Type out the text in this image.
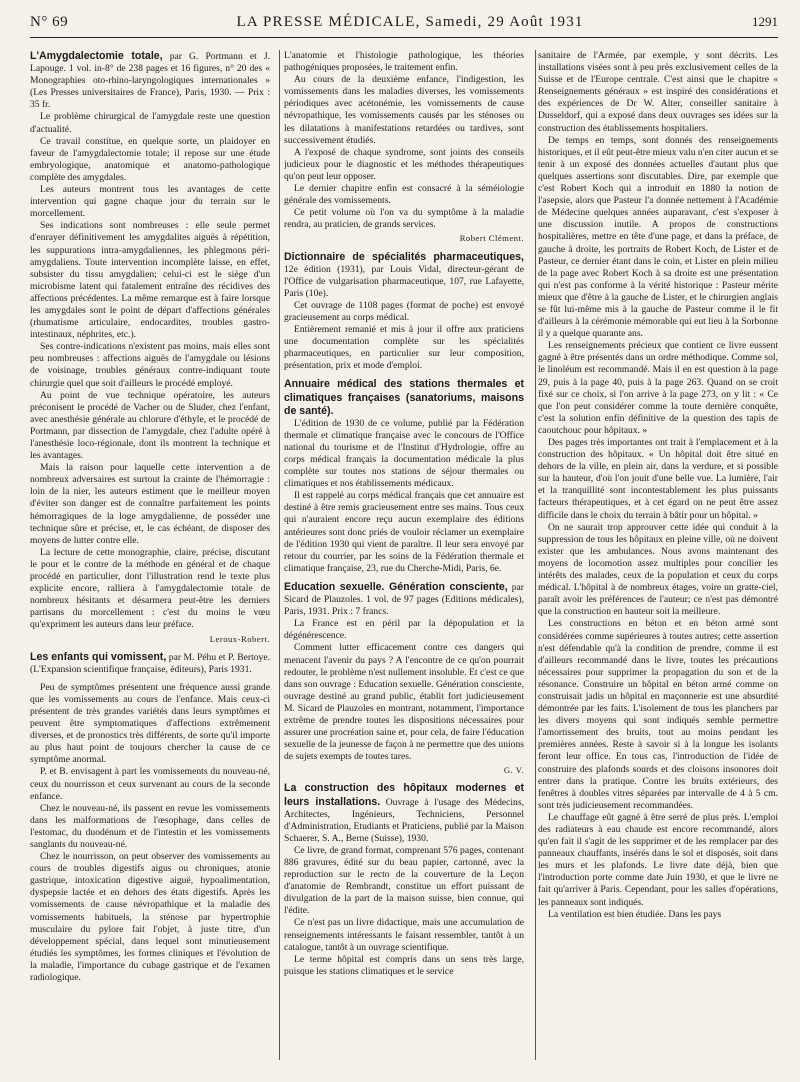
N° 69	LA PRESSE MÉDICALE, Samedi, 29 Août 1931	1291

L'Amygdalectomie totale, par G. Portmann et J. Lapouge. 1 vol. in-8° de 238 pages et 16 figures, n° 20 des « Monographies oto-rhino-laryngologiques internationales » (Les Presses universitaires de France), Paris, 1930. — Prix : 35 fr.

Le problème chirurgical de l'amygdale reste une question d'actualité.

Ce travail constitue, en quelque sorte, un plaidoyer en faveur de l'amygdalectomie totale; il repose sur une étude embryologique, anatomique et anatomo-pathologique complète des amygdales.

Les auteurs montrent tous les avantages de cette intervention qui gagne chaque jour du terrain sur le morcellement.

Ses indications sont nombreuses : elle seule permet d'enrayer définitivement les amygdalites aiguës à répétition, les suppurations intra-amygdaliennes, les phlegmons péri-amygdaliens. Toute intervention incomplète laisse, en effet, subsister du tissu amygdalien; celui-ci est le siège d'un microbisme latent qui fatalement entraîne des récidives des affections précédentes. La même remarque est à faire lorsque les amygdales sont le point de départ d'affections générales (rhumatisme articulaire, endocardites, troubles gastro-intestinaux, néphrites, etc.).

Ses contre-indications n'existent pas moins, mais elles sont peu nombreuses : affections aiguës de l'amygdale ou lésions de voisinage, troubles généraux contre-indiquant toute chirurgie quel que soit d'ailleurs le procédé employé.

Au point de vue technique opératoire, les auteurs préconisent le procédé de Vacher ou de Sluder, chez l'enfant, avec anesthésie générale au chlorure d'éthyle, et le procédé de Portmann, par dissection de l'amygdale, chez l'adulte opéré à l'anesthésie loco-régionale, dont ils montrent la technique et les avantages.

Mais la raison pour laquelle cette intervention a de nombreux adversaires est surtout la crainte de l'hémorragie : loin de la nier, les auteurs estiment que le meilleur moyen d'éviter son danger est de connaître parfaitement les points hémorragiques de la loge amygdalienne, de posséder une technique sûre et précise, et, le cas échéant, de disposer des moyens de lutter contre elle.

La lecture de cette monographie, claire, précise, discutant le pour et le contre de la méthode en général et de chaque procédé en particulier, dont l'illustration rend le texte plus explicite encore, ralliera à l'amygdalectomie totale de nombreux hésitants et désarmera peut-être les derniers partisans du morcellement : c'est du moins le vœu qu'expriment les auteurs dans leur préface.

Leroux-Robert.

Les enfants qui vomissent, par M. Péhu et P. Bertoye. (L'Expansion scientifique française, éditeurs), Paris 1931.

Peu de symptômes présentent une fréquence aussi grande que les vomissements au cours de l'enfance. Mais ceux-ci présentent de très grandes variétés dans leurs symptômes et peuvent être symptomatiques d'affections extrêmement diverses, et de pronostics très différents, de sorte qu'il importe au plus haut point de toujours chercher la cause de ce symptôme anormal.

P. et B. envisagent à part les vomissements du nouveau-né, ceux du nourrisson et ceux survenant au cours de la seconde enfance.

Chez le nouveau-né, ils passent en revue les vomissements dans les malformations de l'œsophage, dans celles de l'estomac, du duodénum et de l'intestin et les vomissements sanglants du nouveau-né.

Chez le nourrisson, on peut observer des vomissements au cours de troubles digestifs aigus ou chroniques, atonie gastrique, intoxication digestive aiguë, hypoalimentation, dyspepsie lactée et en dehors des états digestifs. Après les vomissements de cause névropathique et la maladie des vomissements habituels, la sténose par hypertrophie musculaire du pylore fait l'objet, à juste titre, d'un développement spécial, dans lequel sont minutieusement étudiés les symptômes, les formes cliniques et l'évolution de la maladie, l'importance du cubage gastrique et de l'examen radiologique.

L'anatomie et l'histologie pathologique, les théories pathogéniques proposées, le traitement enfin.

Au cours de la deuxième enfance, l'indigestion, les vomissements dans les maladies diverses, les vomissements périodiques avec acétonémie, les vomissements de cause névropathique, les vomissements causés par les sténoses ou les dilatations à manifestations retardées ou tardives, sont successivement étudiés.

A l'exposé de chaque syndrome, sont joints des conseils judicieux pour le diagnostic et les méthodes thérapeutiques qu'on peut leur opposer.

Le dernier chapitre enfin est consacré à la séméiologie générale des vomissements.

Ce petit volume où l'on va du symptôme à la maladie rendra, au praticien, de grands services.

Robert Clément.

Dictionnaire de spécialités pharmaceutiques, 12e édition (1931), par Louis Vidal, directeur-gérant de l'Office de vulgarisation pharmaceutique, 107, rue Lafayette, Paris (10e).

Cet ouvrage de 1108 pages (format de poche) est envoyé gracieusement au corps médical.

Entièrement remanié et mis à jour il offre aux praticiens une documentation complète sur les spécialités pharmaceutiques, en particulier sur leur composition, présentation, prix et mode d'emploi.

Annuaire médical des stations thermales et climatiques françaises (sanatoriums, maisons de santé).

L'édition de 1930 de ce volume, publié par la Fédération thermale et climatique française avec le concours de l'Office national du tourisme et de l'Institut d'Hydrologie, offre au corps médical français la documentation médicale la plus complète sur toutes nos stations de séjour thermales ou climatiques et nos établissements médicaux.

Il est rappelé au corps médical français que cet annuaire est destiné à être remis gracieusement entre ses mains. Tous ceux qui n'auraient encore reçu aucun exemplaire des éditions antérieures sont donc priés de vouloir réclamer un exemplaire de l'édition 1930 qui vient de paraître. Il leur sera envoyé par retour du courrier, par les soins de la Fédération thermale et climatique française, 23, rue du Cherche-Midi, Paris, 6e.

Education sexuelle. Génération consciente, par Sicard de Plauzoles. 1 vol. de 97 pages (Editions médicales), Paris, 1931. Prix : 7 francs.

La France est en péril par la dépopulation et la dégénérescence.

Comment lutter efficacement contre ces dangers qui menacent l'avenir du pays ? A l'encontre de ce qu'on pourrait redouter, le problème n'est nullement insoluble. Et c'est ce que dans son ouvrage : Education sexuelle. Génération consciente, ouvrage destiné au grand public, établit fort judicieusement M. Sicard de Plauzoles en montrant, notamment, l'importance extrême de prendre toutes les dispositions nécessaires pour assurer une procréation saine et, pour cela, de faire l'éducation sexuelle de la jeunesse de façon à ne permettre que des unions de sujets exempts de toutes tares.

G. V.

La construction des hôpitaux modernes et leurs installations. Ouvrage à l'usage des Médecins, Architectes, Ingénieurs, Techniciens, Personnel d'Administration, Etudiants et Praticiens, publié par la Maison Schaerer, S. A., Berne (Suisse), 1930.

Ce livre, de grand format, comprenant 576 pages, contenant 886 gravures, édité sur du beau papier, cartonné, avec la reproduction sur le recto de la couverture de la Leçon d'anatomie de Rembrandt, constitue un effort puissant de divulgation de la part de la maison suisse, bien connue, qui l'édite.

Ce n'est pas un livre didactique, mais une accumulation de renseignements intéressants le faisant ressembler, tantôt à un catalogue, tantôt à un ouvrage scientifique.

Le terme hôpital est compris dans un sens très large, puisque les stations climatiques et le service

sanitaire de l'Armée, par exemple, y sont décrits. Les installations visées sont à peu près exclusivement celles de la Suisse et de l'Europe centrale. C'est ainsi que le chapitre « Renseignements généraux » est inspiré des considérations et des expériences de Dr W. Alter, conseiller sanitaire à Dusseldorf, qui a exposé dans deux ouvrages ses idées sur la construction des établissements hospitaliers.

De temps en temps, sont donnés des renseignements historiques, et il eût peut-être mieux valu n'en citer aucun et se tenir à un exposé des données actuelles d'autant plus que quelques assertions sont discutables. Dire, par exemple que c'est Robert Koch qui a introduit en 1880 la notion de l'asepsie, alors que Pasteur l'a donnée nettement à l'Académie de Médecine quelques années auparavant, c'est s'exposer à une discussion inutile. A propos de constructions hospitalières, mettre en tête d'une page, et dans la préface, de gauche à droite, les portraits de Robert Koch, de Lister et de Pasteur, ce dernier étant dans le coin, et Lister en plein milieu de la page avec Robert Koch à sa droite est une présentation qui n'est pas conforme à la vérité historique : Pasteur mérite mieux que d'être à la gauche de Lister, et le chirurgien anglais se fût lui-même mis à la gauche de Pasteur comme il le fit d'ailleurs à la cérémonie mémorable qui eut lieu à la Sorbonne il y a quelque quarante ans.

Les renseignements précieux que contient ce livre eussent gagné à être présentés dans un ordre méthodique. Comme sol, le linoléum est recommandé. Mais il en est question à la page 29, puis à la page 40, puis à la page 263. Quand on se croit fixé sur ce choix, si l'on arrive à la page 273, on y lit : « Ce que l'on peut considérer comme la toute dernière conquête, c'est la solution enfin définitive de la question des tapis de caoutchouc pour hôpitaux. »

Des pages très importantes ont trait à l'emplacement et à la construction des hôpitaux. « Un hôpital doit être situé en dehors de la ville, en plein air, dans la verdure, et si possible sur la hauteur, d'où l'on jouit d'une belle vue. La lumière, l'air et la tranquillité sont incontestablement les plus puissants facteurs thérapeutiques, et à cet égard on ne peut être assez difficile dans le choix du terrain à bâtir pour un hôpital. »

On ne saurait trop approuver cette idée qui conduit à la suppression de tous les hôpitaux en pleine ville, où ne doivent exister que les ambulances. Nous avons maintenant des moyens de locomotion assez multiples pour concilier les intérêts des malades, ceux de la population et ceux du corps médical. L'hôpital à de nombreux étages, voire un gratte-ciel, paraît avoir les préférences de l'auteur; ce n'est pas démontré que la construction en hauteur soit la meilleure.

Les constructions en béton et en béton armé sont considérées comme supérieures à toutes autres; cette assertion n'est défendable qu'à la condition de prendre, comme il est d'ailleurs recommandé dans le livre, toutes les précautions nécessaires pour supprimer la propagation du son et de la résonance. Construire un hôpital en béton armé comme on construisait jadis un hôpital en maçonnerie est une absurdité démontrée par les faits. L'isolement de tous les planchers par les divers moyens qui sont indiqués semble permettre l'amortissement des bruits, tout au moins pendant les premières années. Reste à savoir si à la longue les isolants feront leur office. En tous cas, l'introduction de l'idée de construire des plafonds sourds et des cloisons insonores doit entrer dans la pratique. Contre les bruits extérieurs, des fenêtres à doubles vitres séparées par intervalle de 4 à 5 cm. sont très judicieusement recommandées.

Le chauffage eût gagné à être serré de plus près. L'emploi des radiateurs à eau chaude est encore recommandé, alors qu'en fait il s'agit de les supprimer et de les remplacer par des panneaux chauffants, insérés dans le sol et disposés, soit dans les murs et les plafonds. Le livre date déjà, bien que l'introduction porte comme date Juin 1930, et que le livre ne fait qu'arriver à Paris. Cependant, pour les salles d'opérations, les panneaux sont indiqués.

La ventilation est bien étudiée. Dans les pays
